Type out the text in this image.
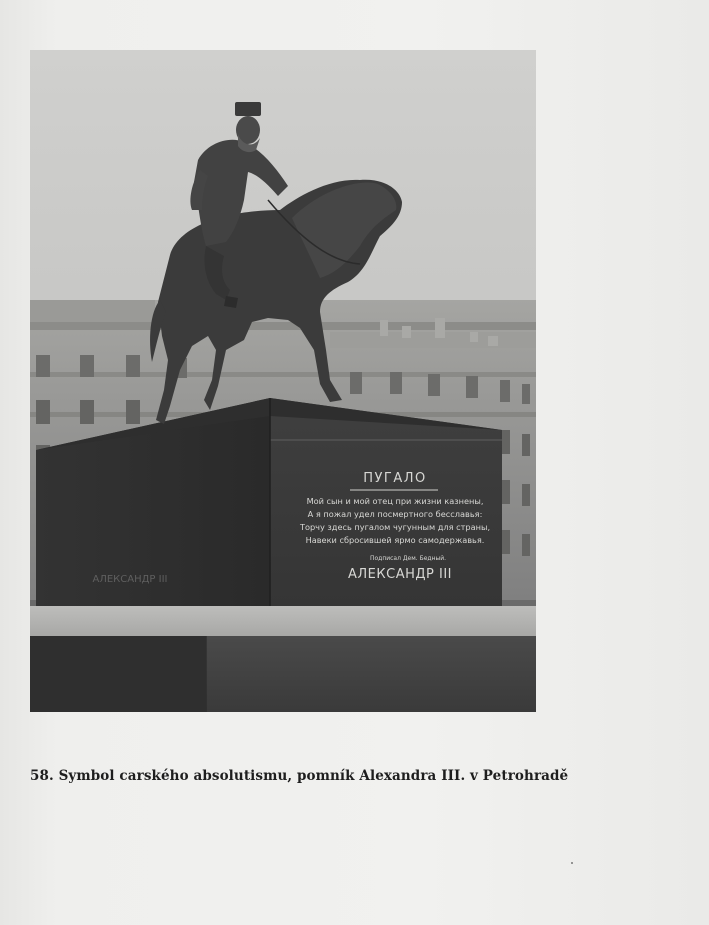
ПУГАЛО
Мой сын и мой отец при жизни казнены,
А я пожал удел посмертного бесславья:
Торчу здесь пугалом чугунным для страны,
Навеки сбросившей ярмо самодержавья.
Подписал Дем. Бедный.
АЛЕКСАНДР III
АЛЕКСАНДР III
58. Symbol carského absolutismu, pomník Alexandra III. v Petrohradě
